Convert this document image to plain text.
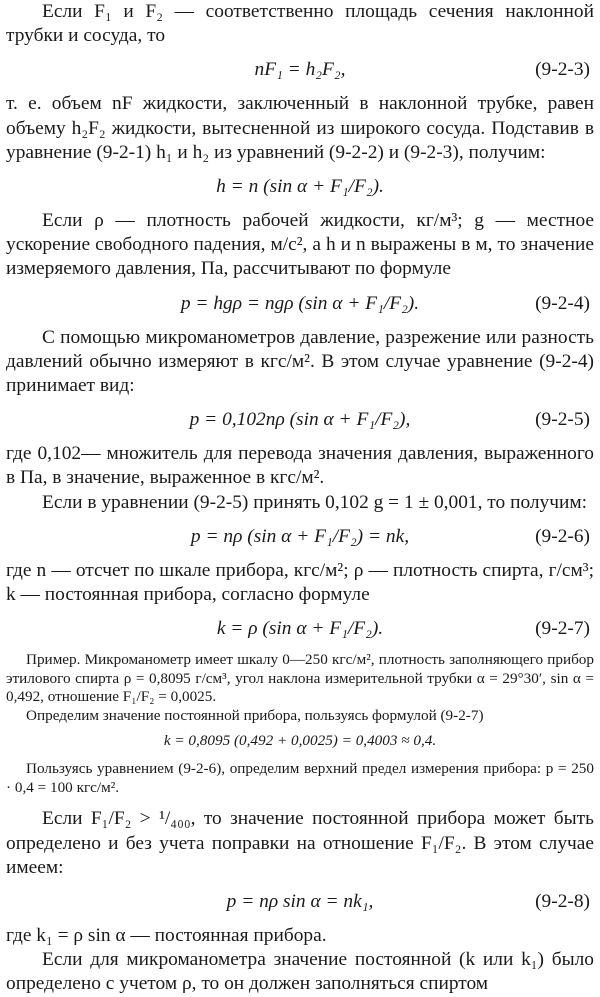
Если F₁ и F₂ — соответственно площадь сечения наклонной трубки и сосуда, то

nF₁ = h₂F₂,	(9-2-3)

т. е. объем nF жидкости, заключенный в наклонной трубке, равен объему h₂F₂ жидкости, вытесненной из широкого сосуда. Подставив в уравнение (9-2-1) h₁ и h₂ из уравнений (9-2-2) и (9-2-3), получим:

h = n (sin α + F₁/F₂).

Если ρ — плотность рабочей жидкости, кг/м³; g — местное ускорение свободного падения, м/с², а h и n выражены в м, то значение измеряемого давления, Па, рассчитывают по формуле

p = hgρ = ngρ (sin α + F₁/F₂).	(9-2-4)

С помощью микроманометров давление, разрежение или разность давлений обычно измеряют в кгс/м². В этом случае уравнение (9-2-4) принимает вид:

p = 0,102nρ (sin α + F₁/F₂),	(9-2-5)

где 0,102— множитель для перевода значения давления, выраженного в Па, в значение, выраженное в кгс/м².

Если в уравнении (9-2-5) принять 0,102 g = 1 ± 0,001, то получим:

p = nρ (sin α + F₁/F₂) = nk,	(9-2-6)

где n — отсчет по шкале прибора, кгс/м²; ρ — плотность спирта, г/см³; k — постоянная прибора, согласно формуле

k = ρ (sin α + F₁/F₂).	(9-2-7)

Пример. Микроманометр имеет шкалу 0—250 кгс/м², плотность заполняющего прибор этилового спирта ρ = 0,8095 г/см³, угол наклона измерительной трубки α = 29°30′, sin α = 0,492, отношение F₁/F₂ = 0,0025.

Определим значение постоянной прибора, пользуясь формулой (9-2-7)

k = 0,8095 (0,492 + 0,0025) = 0,4003 ≈ 0,4.

Пользуясь уравнением (9-2-6), определим верхний предел измерения прибора: p = 250 · 0,4 = 100 кгс/м².

Если F₁/F₂ > ¹/₄₀₀, то значение постоянной прибора может быть определено и без учета поправки на отношение F₁/F₂. В этом случае имеем:

p = nρ sin α = nk₁,	(9-2-8)

где k₁ = ρ sin α — постоянная прибора.

Если для микроманометра значение постоянной (k или k₁) было определено с учетом ρ, то он должен заполняться спиртом
